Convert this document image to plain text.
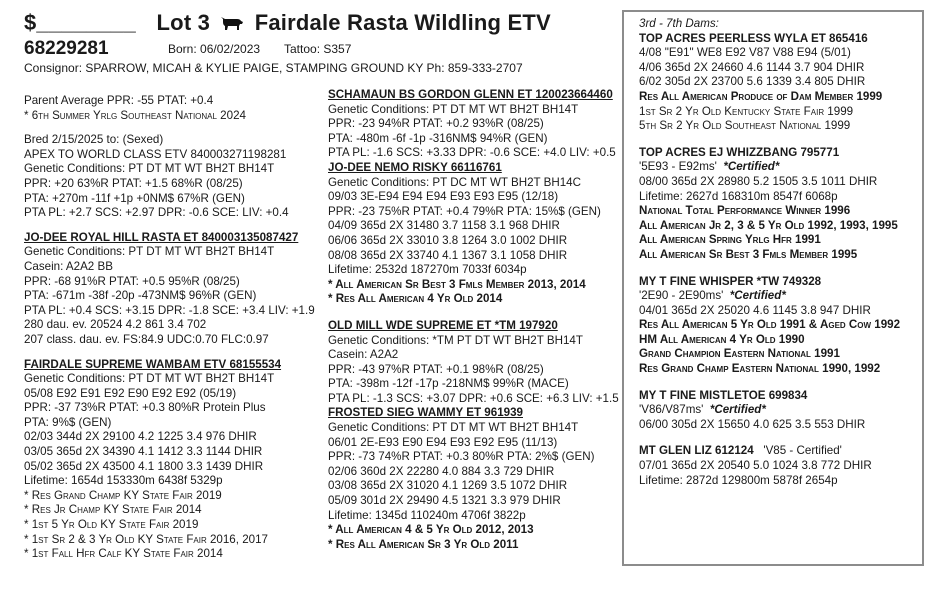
$________ Lot 3 Fairdale Rasta Wildling ETV
68229281	Born: 06/02/2023 Tattoo: S357
Consignor: SPARROW, MICAH & KYLIE PAIGE, STAMPING GROUND KY Ph: 859-333-2707
Parent Average PPR: -55 PTAT: +0.4
* 6th Summer Yrlg Southeast National 2024
Bred 2/15/2025 to: (Sexed)
APEX TO WORLD CLASS ETV 840003271198281
Genetic Conditions: PT DT MT WT BH2T BH14T
PPR: +20 63%R PTAT: +1.5 68%R (08/25)
PTA: +270m -11f +1p +0NM$ 67%R (GEN)
PTA PL: +2.7 SCS: +2.97 DPR: -0.6 SCE: LIV: +0.4
JO-DEE ROYAL HILL RASTA ET 840003135087427
Genetic Conditions: PT DT MT WT BH2T BH14T
Casein: A2A2 BB
PPR: -68 91%R PTAT: +0.5 95%R (08/25)
PTA: -671m -38f -20p -473NM$ 96%R (GEN)
PTA PL: +0.4 SCS: +3.15 DPR: -1.8 SCE: +3.4 LIV: +1.9
280 dau. ev. 20524 4.2 861 3.4 702
207 class. dau. ev. FS:84.9 UDC:0.70 FLC:0.97
FAIRDALE SUPREME WAMBAM ETV 68155534
Genetic Conditions: PT DT MT WT BH2T BH14T
05/08 E92 E91 E92 E90 E92 E92 (05/19)
PPR: -37 73%R PTAT: +0.3 80%R Protein Plus
PTA: 9%$ (GEN)
02/03 344d 2X 29100 4.2 1225 3.4 976 DHIR
03/05 365d 2X 34390 4.1 1412 3.3 1144 DHIR
05/02 365d 2X 43500 4.1 1800 3.3 1439 DHIR
Lifetime: 1654d 153330m 6438f 5329p
* Res Grand Champ KY State Fair 2019
* Res Jr Champ KY State Fair 2014
* 1st 5 Yr Old KY State Fair 2019
* 1st Sr 2 & 3 Yr Old KY State Fair 2016, 2017
* 1st Fall Hfr Calf KY State Fair 2014
SCHAMAUN BS GORDON GLENN ET 120023664460
Genetic Conditions: PT DT MT WT BH2T BH14T
PPR: -23 94%R PTAT: +0.2 93%R (08/25)
PTA: -480m -6f -1p -316NM$ 94%R (GEN)
PTA PL: -1.6 SCS: +3.33 DPR: -0.6 SCE: +4.0 LIV: +0.5
JO-DEE NEMO RISKY 66116761
Genetic Conditions: PT DC MT WT BH2T BH14C
09/03 3E-E94 E94 E94 E93 E93 E95 (12/18)
PPR: -23 75%R PTAT: +0.4 79%R PTA: 15%$ (GEN)
04/09 365d 2X 31480 3.7 1158 3.1 968 DHIR
06/06 365d 2X 33010 3.8 1264 3.0 1002 DHIR
08/08 365d 2X 33740 4.1 1367 3.1 1058 DHIR
Lifetime: 2532d 187270m 7033f 6034p
* All American Sr Best 3 Fmls Member 2013, 2014
* Res All American 4 Yr Old 2014
OLD MILL WDE SUPREME ET *TM 197920
Genetic Conditions: *TM PT DT WT BH2T BH14T
Casein: A2A2
PPR: -43 97%R PTAT: +0.1 98%R (08/25)
PTA: -398m -12f -17p -218NM$ 99%R (MACE)
PTA PL: -1.3 SCS: +3.07 DPR: +0.6 SCE: +6.3 LIV: +1.5
FROSTED SIEG WAMMY ET 961939
Genetic Conditions: PT DT MT WT BH2T BH14T
06/01 2E-E93 E90 E94 E93 E92 E95 (11/13)
PPR: -73 74%R PTAT: +0.3 80%R PTA: 2%$ (GEN)
02/06 360d 2X 22280 4.0 884 3.3 729 DHIR
03/08 365d 2X 31020 4.1 1269 3.5 1072 DHIR
05/09 301d 2X 29490 4.5 1321 3.3 979 DHIR
Lifetime: 1345d 110240m 4706f 3822p
* All American 4 & 5 Yr Old 2012, 2013
* Res All American Sr 3 Yr Old 2011
3rd - 7th Dams:
TOP ACRES PEERLESS WYLA ET 865416
4/08 "E91" WE8 E92 V87 V88 E94 (5/01)
4/06 365d 2X 24660 4.6 1144 3.7 904 DHIR
6/02 305d 2X 23700 5.6 1339 3.4 805 DHIR
Res All American Produce of Dam Member 1999
1st Sr 2 Yr Old Kentucky State Fair 1999
5th Sr 2 Yr Old Southeast National 1999
TOP ACRES EJ WHIZZBANG 795771
'5E93 - E92ms' *Certified*
08/00 365d 2X 28980 5.2 1505 3.5 1011 DHIR
Lifetime: 2627d 168310m 8547f 6068p
National Total Performance Winner 1996
All American Jr 2, 3 & 5 Yr Old 1992, 1993, 1995
All American Spring Yrlg Hfr 1991
All American Sr Best 3 Fmls Member 1995
MY T FINE WHISPER *TW 749328
'2E90 - 2E90ms' *Certified*
04/01 365d 2X 25020 4.6 1145 3.8 947 DHIR
Res All American 5 Yr Old 1991 & Aged Cow 1992
HM All American 4 Yr Old 1990
Grand Champion Eastern National 1991
Res Grand Champ Eastern National 1990, 1992
MY T FINE MISTLETOE 699834
'V86/V87ms' *Certified*
06/00 305d 2X 15650 4.0 625 3.5 553 DHIR
MT GLEN LIZ 612124 'V85 - Certified'
07/01 365d 2X 20540 5.0 1024 3.8 772 DHIR
Lifetime: 2872d 129800m 5878f 2654p
